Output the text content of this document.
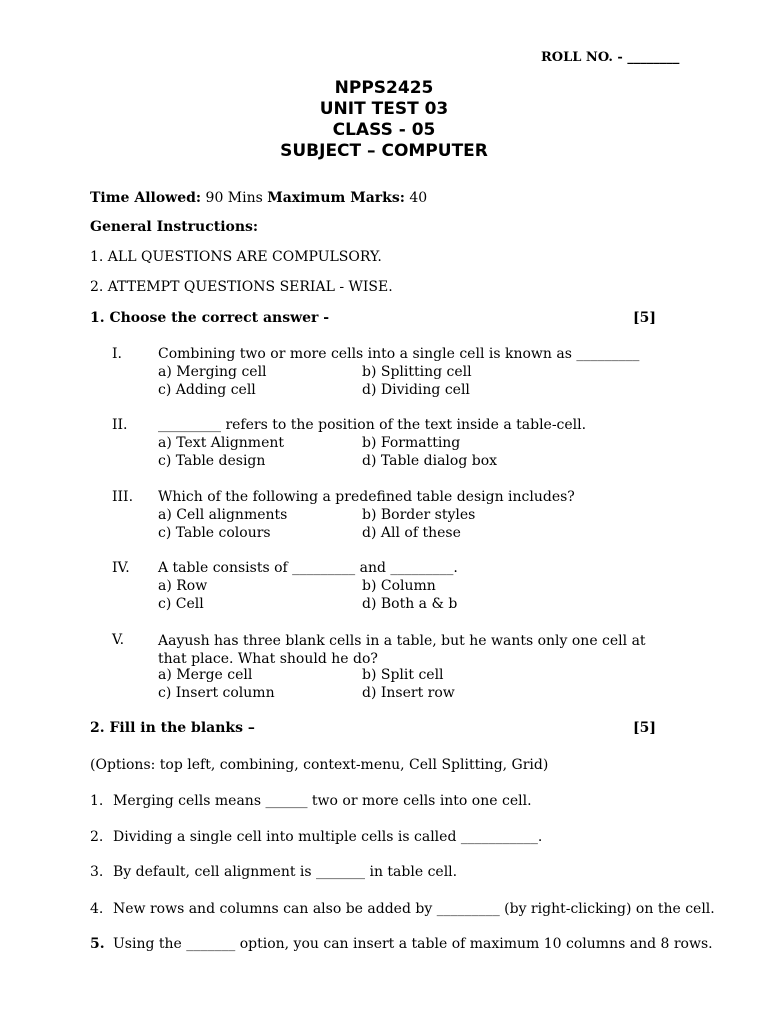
ROLL NO. - ________
NPPS2425
UNIT TEST 03
CLASS - 05
SUBJECT – COMPUTER
Time Allowed: 90 Mins Maximum Marks: 40
General Instructions:
1. ALL QUESTIONS ARE COMPULSORY.
2. ATTEMPT QUESTIONS SERIAL - WISE.
1. Choose the correct answer -	[5]
I.	Combining two or more cells into a single cell is known as _________
a) Merging cell	b) Splitting cell
c) Adding cell	d) Dividing cell
II. _________ refers to the position of the text inside a table-cell.
a) Text Alignment	b) Formatting
c) Table design	d) Table dialog box
III. Which of the following a predefined table design includes?
a) Cell alignments	b) Border styles
c) Table colours	d) All of these
IV. A table consists of _________ and _________.
a) Row	b) Column
c) Cell	d) Both a & b
V. Aayush has three blank cells in a table, but he wants only one cell at that place. What should he do?
a) Merge cell	b) Split cell
c) Insert column	d) Insert row
2. Fill in the blanks –	[5]
(Options: top left, combining, context-menu, Cell Splitting, Grid)
1. Merging cells means ______ two or more cells into one cell.
2. Dividing a single cell into multiple cells is called ___________.
3. By default, cell alignment is _______ in table cell.
4. New rows and columns can also be added by _________ (by right-clicking) on the cell.
5. Using the _______ option, you can insert a table of maximum 10 columns and 8 rows.
